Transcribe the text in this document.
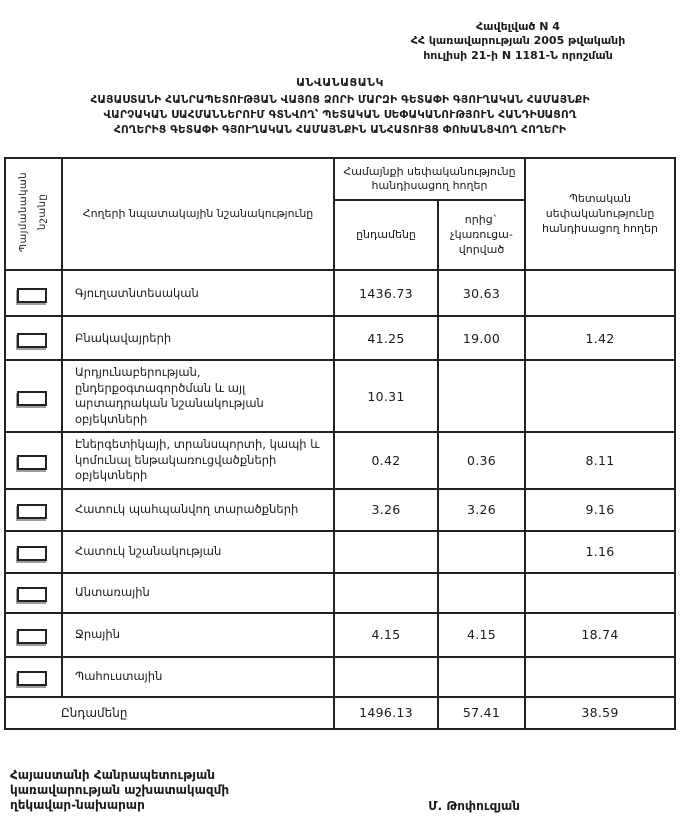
Հավելված N 4
ՀՀ կառավարության 2005 թվականի
հուլիսի 21-ի N 1181-Ն որոշման
ԱՆՎԱՆԱՑԱՆԿ
ՀԱՅԱՍՏԱՆԻ ՀԱՆՐԱՊԵՏՈՒԹՅԱՆ ՎԱՅՈՑ ՁՈՐԻ ՄԱՐԶԻ ԳԵՏԱՓԻ ԳՅՈՒՂԱԿԱՆ ՀԱՄԱՅՆՔԻ
ՎԱՐՉԱԿԱՆ ՍԱՀՄԱՆՆԵՐՈՒՄ ԳՏՆՎՈՂ՝ ՊԵՏԱԿԱՆ ՍԵՓԱԿԱՆՈՒԹՅՈՒՆ ՀԱՆԴԻՍԱՑՈՂ
ՀՈՂԵՐԻՑ ԳԵՏԱՓԻ ԳՅՈՒՂԱԿԱՆ ՀԱՄԱՅՆՔԻՆ ԱՆՀԱՏՈՒՅՑ ՓՈԽԱՆՑՎՈՂ ՀՈՂԵՐԻ
Պայմանական նշանը	Հողերի նպատակային նշանակությունը	Համայնքի սեփականությունը հանդիսացող հողեր		Պետական սեփականությունը հանդիսացող հողեր
		ընդամենը	որից` չկառուցա-վորված	

	Գյուղատնտեսական	1436.73	30.63	

	Բնակավայրերի	41.25	19.00	1.42

	Արդյունաբերության, ընդերքօգտագործման և այլ արտադրական նշանակության օբյեկտների	10.31		

	Էներգետիկայի, տրանսպորտի, կապի և կոմունալ ենթակառուցվածքների օբյեկտների	0.42	0.36	8.11

	Հատուկ պահպանվող տարածքների	3.26	3.26	9.16

	Հատուկ նշանակության			1.16

	Անտառային			

	Ջրային	4.15	4.15	18.74

	Պահուստային			
Ընդամենը		1496.13	57.41	38.59
Հայաստանի Հանրապետության
կառավարության աշխատակազմի
ղեկավար-նախարար	Մ. Թոփուզյան
